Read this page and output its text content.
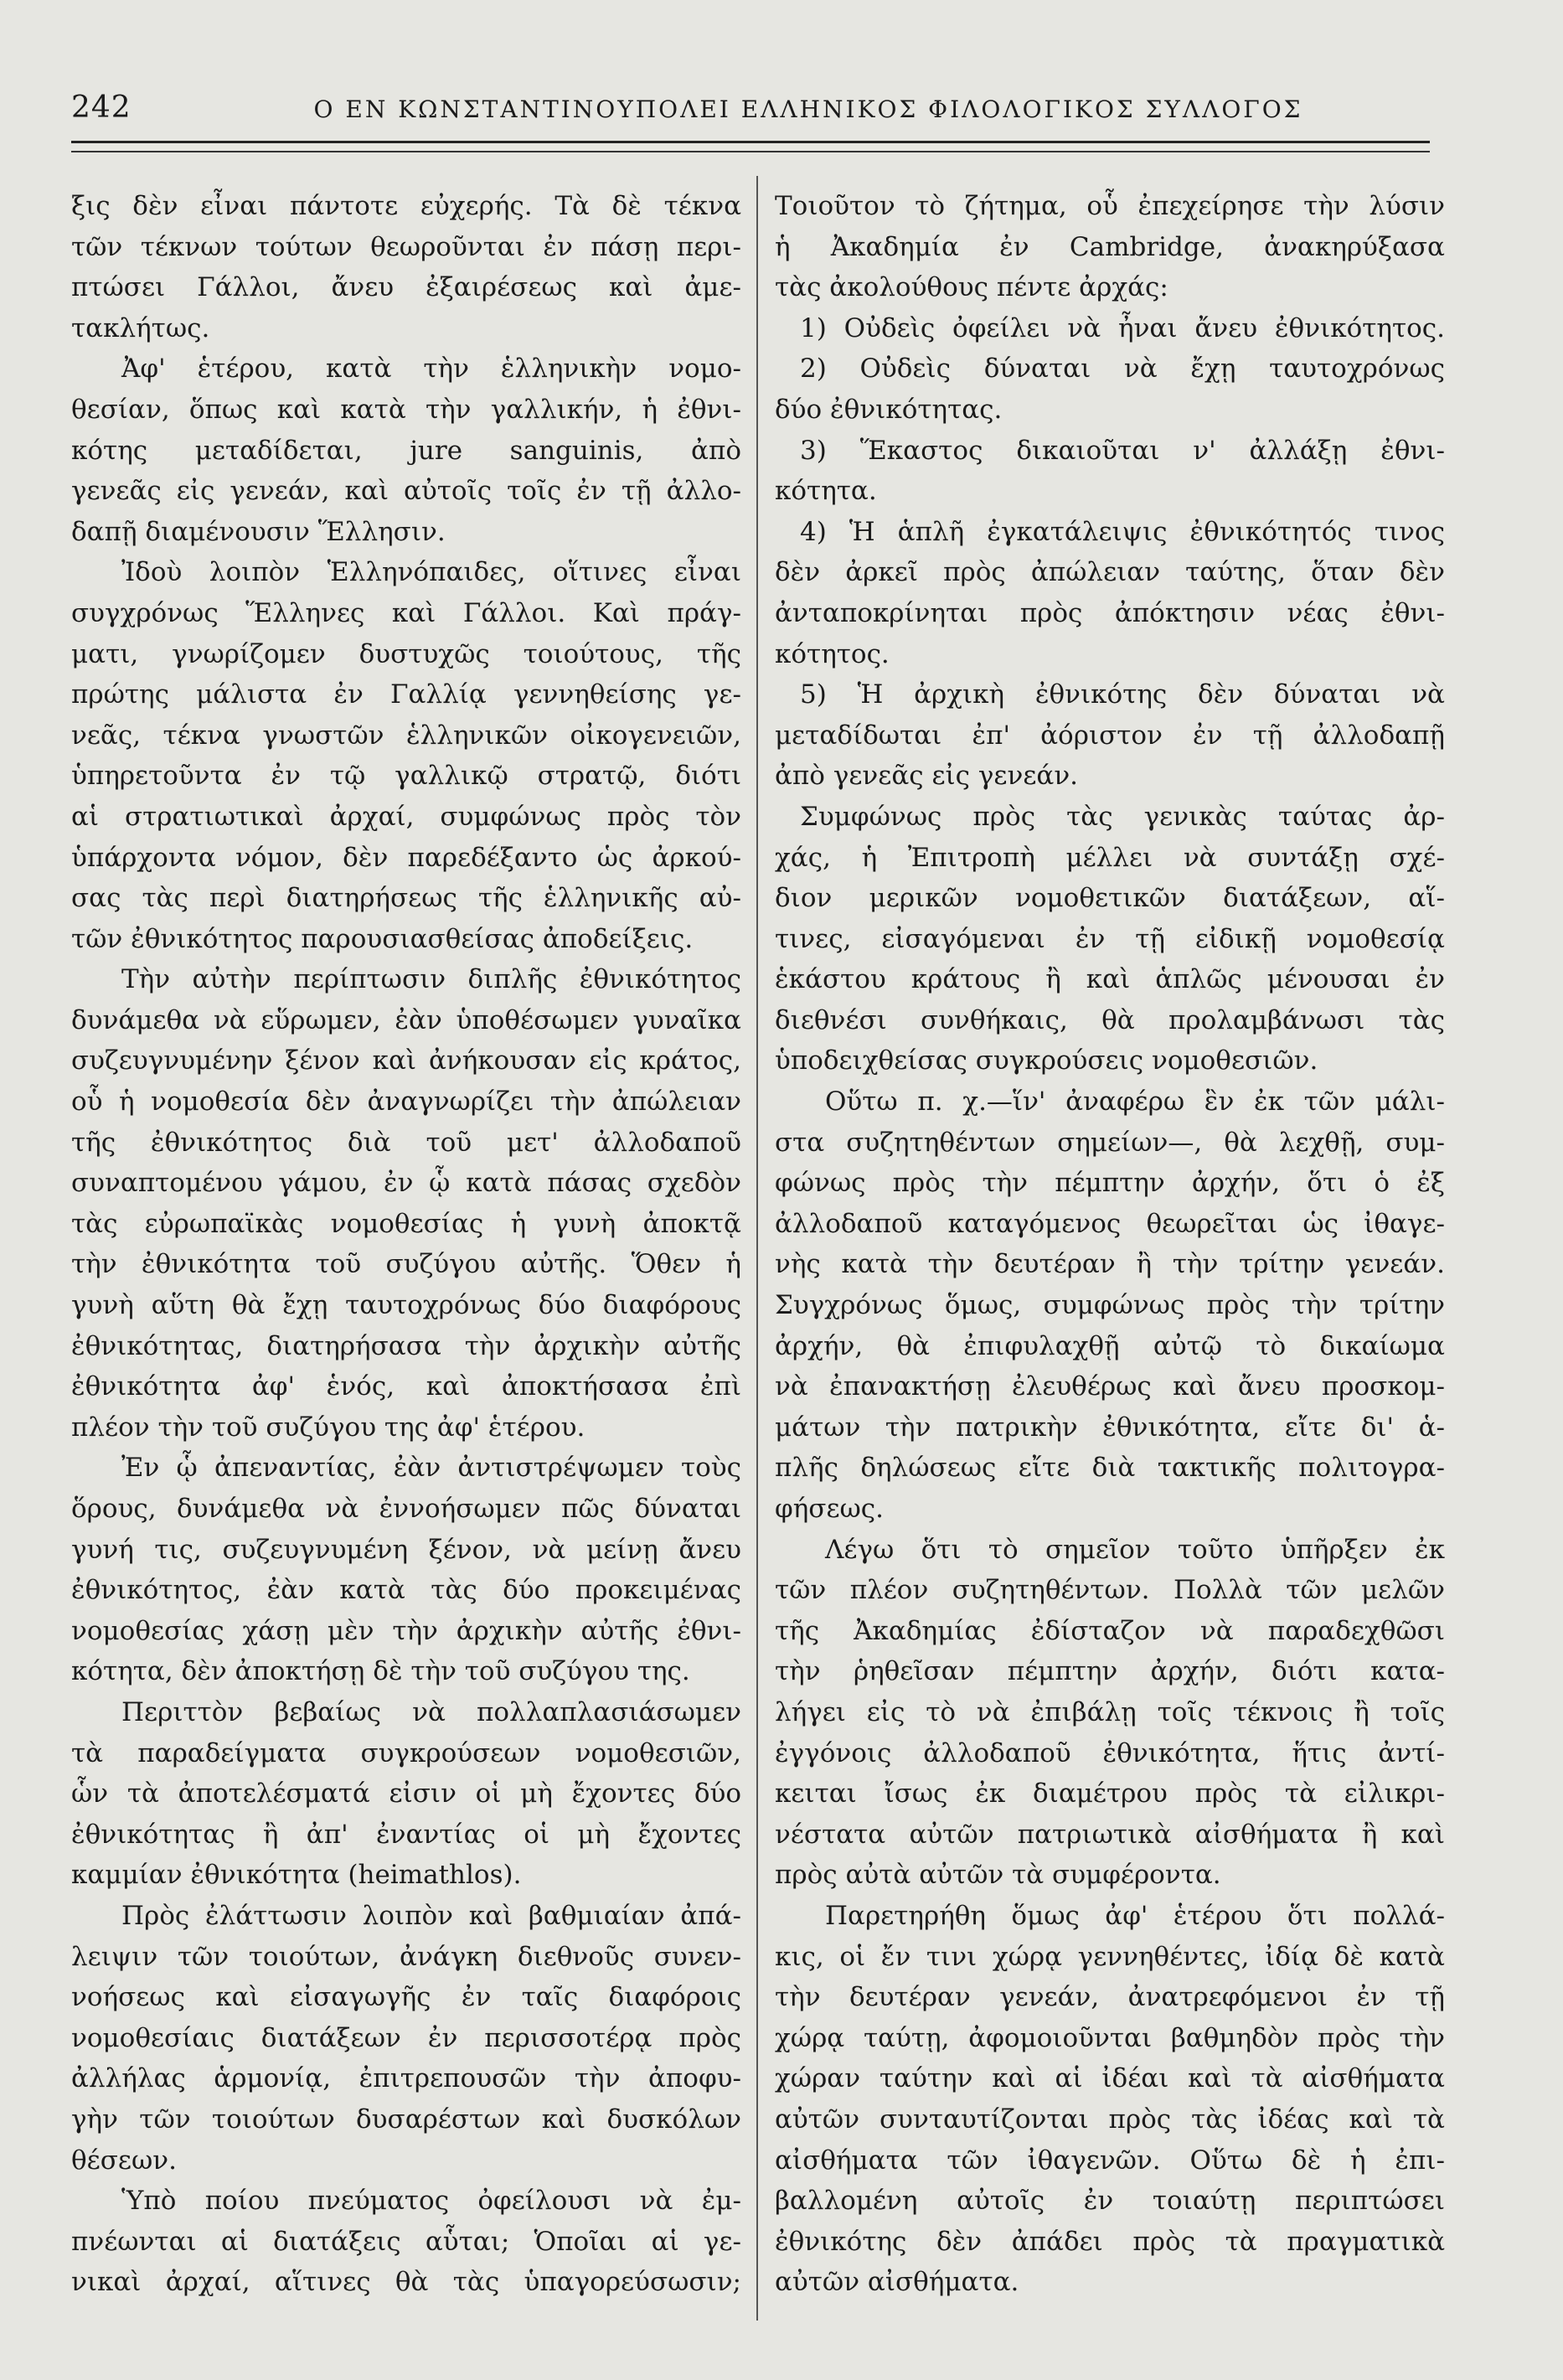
242	Ο ΕΝ ΚΩΝΣΤΑΝΤΙΝΟΥΠΟΛΕΙ ΕΛΛΗΝΙΚΟΣ ΦΙΛΟΛΟΓΙΚΟΣ ΣΥΛΛΟΓΟΣ
ξις δὲν εἶναι πάντοτε εὐχερής. Τὰ δὲ τέκνα
τῶν τέκνων τούτων θεωροῦνται ἐν πάσῃ περι-
πτώσει Γάλλοι, ἄνευ ἐξαιρέσεως καὶ ἀμε-
τακλήτως.
Ἀφ' ἑτέρου, κατὰ τὴν ἑλληνικὴν νομο-
θεσίαν, ὅπως καὶ κατὰ τὴν γαλλικήν, ἡ ἐθνι-
κότης μεταδίδεται, jure sanguinis, ἀπὸ
γενεᾶς εἰς γενεάν, καὶ αὐτοῖς τοῖς ἐν τῇ ἀλλο-
δαπῇ διαμένουσιν Ἕλλησιν.
Ἰδοὺ λοιπὸν Ἑλληνόπαιδες, οἵτινες εἶναι
συγχρόνως Ἕλληνες καὶ Γάλλοι. Καὶ πράγ-
ματι, γνωρίζομεν δυστυχῶς τοιούτους, τῆς
πρώτης μάλιστα ἐν Γαλλίᾳ γεννηθείσης γε-
νεᾶς, τέκνα γνωστῶν ἑλληνικῶν οἰκογενειῶν,
ὑπηρετοῦντα ἐν τῷ γαλλικῷ στρατῷ, διότι
αἱ στρατιωτικαὶ ἀρχαί, συμφώνως πρὸς τὸν
ὑπάρχοντα νόμον, δὲν παρεδέξαντο ὡς ἀρκού-
σας τὰς περὶ διατηρήσεως τῆς ἑλληνικῆς αὐ-
τῶν ἐθνικότητος παρουσιασθείσας ἀποδείξεις.
Τὴν αὐτὴν περίπτωσιν διπλῆς ἐθνικότητος
δυνάμεθα νὰ εὕρωμεν, ἐὰν ὑποθέσωμεν γυναῖκα
συζευγνυμένην ξένον καὶ ἀνήκουσαν εἰς κράτος,
οὗ ἡ νομοθεσία δὲν ἀναγνωρίζει τὴν ἀπώλειαν
τῆς ἐθνικότητος διὰ τοῦ μετ' ἀλλοδαποῦ
συναπτομένου γάμου, ἐν ᾧ κατὰ πάσας σχεδὸν
τὰς εὐρωπαϊκὰς νομοθεσίας ἡ γυνὴ ἀποκτᾷ
τὴν ἐθνικότητα τοῦ συζύγου αὐτῆς. Ὅθεν ἡ
γυνὴ αὕτη θὰ ἔχῃ ταυτοχρόνως δύο διαφόρους
ἐθνικότητας, διατηρήσασα τὴν ἀρχικὴν αὐτῆς
ἐθνικότητα ἀφ' ἑνός, καὶ ἀποκτήσασα ἐπὶ
πλέον τὴν τοῦ συζύγου της ἀφ' ἑτέρου.
Ἐν ᾧ ἀπεναντίας, ἐὰν ἀντιστρέψωμεν τοὺς
ὅρους, δυνάμεθα νὰ ἐννοήσωμεν πῶς δύναται
γυνή τις, συζευγνυμένη ξένον, νὰ μείνῃ ἄνευ
ἐθνικότητος, ἐὰν κατὰ τὰς δύο προκειμένας
νομοθεσίας χάσῃ μὲν τὴν ἀρχικὴν αὐτῆς ἐθνι-
κότητα, δὲν ἀποκτήσῃ δὲ τὴν τοῦ συζύγου της.
Περιττὸν βεβαίως νὰ πολλαπλασιάσωμεν
τὰ παραδείγματα συγκρούσεων νομοθεσιῶν,
ὧν τὰ ἀποτελέσματά εἰσιν οἱ μὴ ἔχοντες δύο
ἐθνικότητας ἢ ἀπ' ἐναντίας οἱ μὴ ἔχοντες
καμμίαν ἐθνικότητα (heimathlos).
Πρὸς ἐλάττωσιν λοιπὸν καὶ βαθμιαίαν ἀπά-
λειψιν τῶν τοιούτων, ἀνάγκη διεθνοῦς συνεν-
νοήσεως καὶ εἰσαγωγῆς ἐν ταῖς διαφόροις
νομοθεσίαις διατάξεων ἐν περισσοτέρᾳ πρὸς
ἀλλήλας ἁρμονίᾳ, ἐπιτρεπουσῶν τὴν ἀποφυ-
γὴν τῶν τοιούτων δυσαρέστων καὶ δυσκόλων
θέσεων.
Ὑπὸ ποίου πνεύματος ὀφείλουσι νὰ ἐμ-
πνέωνται αἱ διατάξεις αὗται; Ὁποῖαι αἱ γε-
νικαὶ ἀρχαί, αἵτινες θὰ τὰς ὑπαγορεύσωσιν;
Τοιοῦτον τὸ ζήτημα, οὗ ἐπεχείρησε τὴν λύσιν
ἡ Ἀκαδημία ἐν Cambridge, ἀνακηρύξασα
τὰς ἀκολούθους πέντε ἀρχάς:
1) Οὐδεὶς ὀφείλει νὰ ἦναι ἄνευ ἐθνικότητος.
2) Οὐδεὶς δύναται νὰ ἔχῃ ταυτοχρόνως
δύο ἐθνικότητας.
3) Ἕκαστος δικαιοῦται ν' ἀλλάξῃ ἐθνι-
κότητα.
4) Ἡ ἁπλῆ ἐγκατάλειψις ἐθνικότητός τινος
δὲν ἀρκεῖ πρὸς ἀπώλειαν ταύτης, ὅταν δὲν
ἀνταποκρίνηται πρὸς ἀπόκτησιν νέας ἐθνι-
κότητος.
5) Ἡ ἀρχικὴ ἐθνικότης δὲν δύναται νὰ
μεταδίδωται ἐπ' ἀόριστον ἐν τῇ ἀλλοδαπῇ
ἀπὸ γενεᾶς εἰς γενεάν.
Συμφώνως πρὸς τὰς γενικὰς ταύτας ἀρ-
χάς, ἡ Ἐπιτροπὴ μέλλει νὰ συντάξῃ σχέ-
διον μερικῶν νομοθετικῶν διατάξεων, αἵ-
τινες, εἰσαγόμεναι ἐν τῇ εἰδικῇ νομοθεσίᾳ
ἑκάστου κράτους ἢ καὶ ἁπλῶς μένουσαι ἐν
διεθνέσι συνθήκαις, θὰ προλαμβάνωσι τὰς
ὑποδειχθείσας συγκρούσεις νομοθεσιῶν.
Οὕτω π. χ.—ἵν' ἀναφέρω ἓν ἐκ τῶν μάλι-
στα συζητηθέντων σημείων—, θὰ λεχθῇ, συμ-
φώνως πρὸς τὴν πέμπτην ἀρχήν, ὅτι ὁ ἐξ
ἀλλοδαποῦ καταγόμενος θεωρεῖται ὡς ἰθαγε-
νὴς κατὰ τὴν δευτέραν ἢ τὴν τρίτην γενεάν.
Συγχρόνως ὅμως, συμφώνως πρὸς τὴν τρίτην
ἀρχήν, θὰ ἐπιφυλαχθῇ αὐτῷ τὸ δικαίωμα
νὰ ἐπανακτήσῃ ἐλευθέρως καὶ ἄνευ προσκομ-
μάτων τὴν πατρικὴν ἐθνικότητα, εἴτε δι' ἁ-
πλῆς δηλώσεως εἴτε διὰ τακτικῆς πολιτογρα-
φήσεως.
Λέγω ὅτι τὸ σημεῖον τοῦτο ὑπῆρξεν ἐκ
τῶν πλέον συζητηθέντων. Πολλὰ τῶν μελῶν
τῆς Ἀκαδημίας ἐδίσταζον νὰ παραδεχθῶσι
τὴν ῥηθεῖσαν πέμπτην ἀρχήν, διότι κατα-
λήγει εἰς τὸ νὰ ἐπιβάλῃ τοῖς τέκνοις ἢ τοῖς
ἐγγόνοις ἀλλοδαποῦ ἐθνικότητα, ἥτις ἀντί-
κειται ἴσως ἐκ διαμέτρου πρὸς τὰ εἰλικρι-
νέστατα αὐτῶν πατριωτικὰ αἰσθήματα ἢ καὶ
πρὸς αὐτὰ αὐτῶν τὰ συμφέροντα.
Παρετηρήθη ὅμως ἀφ' ἑτέρου ὅτι πολλά-
κις, οἱ ἔν τινι χώρᾳ γεννηθέντες, ἰδίᾳ δὲ κατὰ
τὴν δευτέραν γενεάν, ἀνατρεφόμενοι ἐν τῇ
χώρᾳ ταύτῃ, ἀφομοιοῦνται βαθμηδὸν πρὸς τὴν
χώραν ταύτην καὶ αἱ ἰδέαι καὶ τὰ αἰσθήματα
αὐτῶν συνταυτίζονται πρὸς τὰς ἰδέας καὶ τὰ
αἰσθήματα τῶν ἰθαγενῶν. Οὕτω δὲ ἡ ἐπι-
βαλλομένη αὐτοῖς ἐν τοιαύτῃ περιπτώσει
ἐθνικότης δὲν ἀπάδει πρὸς τὰ πραγματικὰ
αὐτῶν αἰσθήματα.
